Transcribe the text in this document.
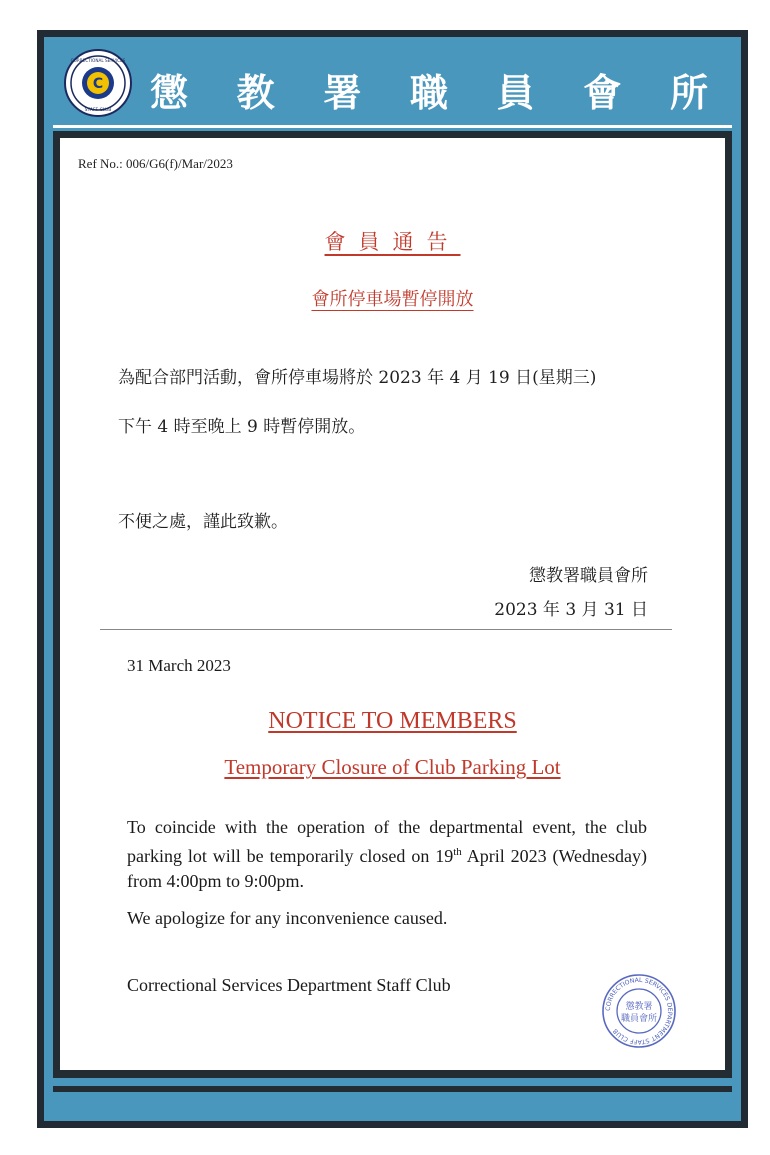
C
CORRECTIONAL SERVICES
STAFF CLUB 懲 教 署 職 員 會 所
Ref No.: 006/G6(f)/Mar/2023
會員通告
會所停車場暫停開放
為配合部門活動，會所停車場將於 2023 年 4 月 19 日(星期三)
下午 4 時至晚上 9 時暫停開放。
不便之處，謹此致歉。
懲教署職員會所
2023 年 3 月 31 日
31 March 2023
NOTICE TO MEMBERS
Temporary Closure of Club Parking Lot
To coincide with the operation of the departmental event, the club parking lot will be temporarily closed on 19th April 2023 (Wednesday) from 4:00pm to 9:00pm.
We apologize for any inconvenience caused.
Correctional Services Department Staff Club
CORRECTIONAL SERVICES DEPARTMENT STAFF CLUB
懲教署
職員會所
